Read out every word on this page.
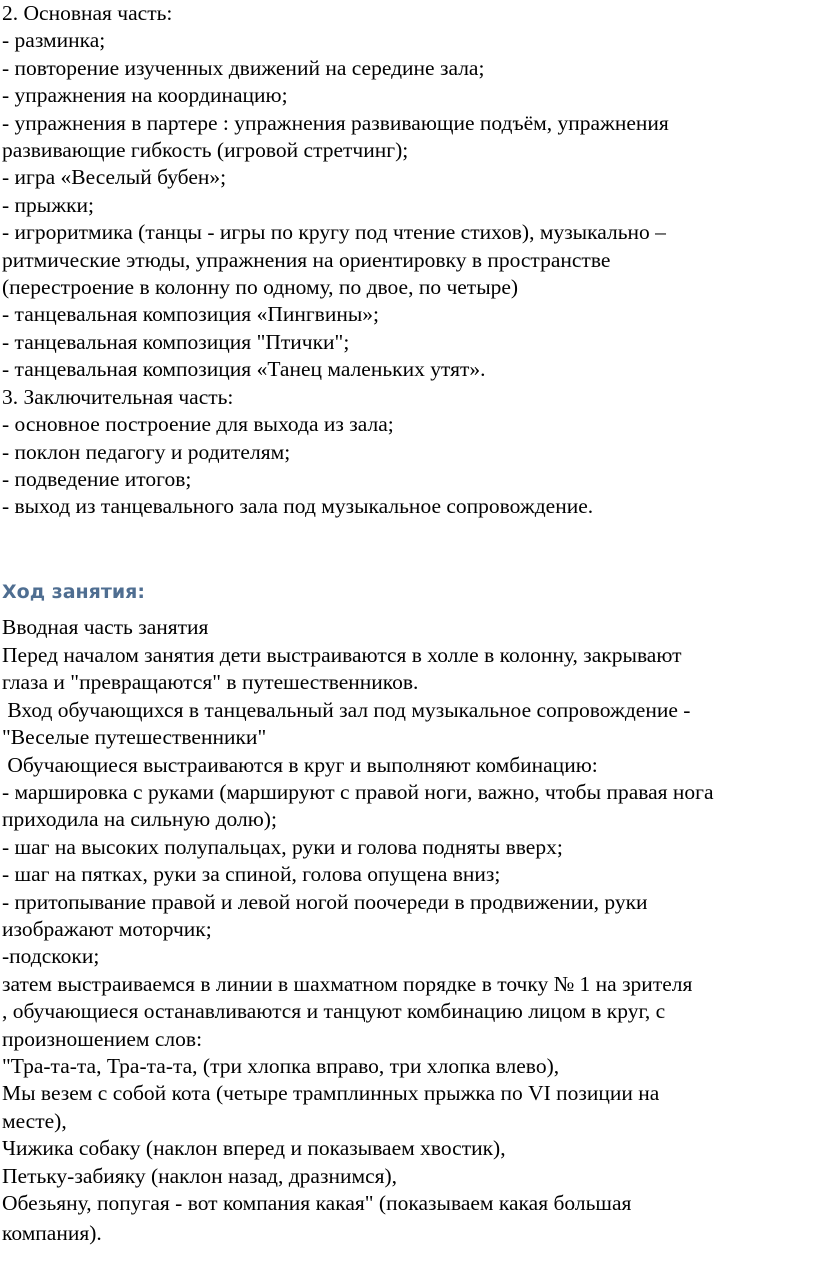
2. Основная часть:
- разминка;
- повторение изученных движений на середине зала;
- упражнения на координацию;
- упражнения в партере : упражнения развивающие подъём, упражнения
развивающие гибкость (игровой стретчинг);
- игра «Веселый бубен»;
- прыжки;
- игроритмика (танцы - игры по кругу под чтение стихов), музыкально –
ритмические этюды, упражнения на ориентировку в пространстве
(перестроение в колонну по одному, по двое, по четыре)
- танцевальная композиция «Пингвины»;
- танцевальная композиция "Птички";
- танцевальная композиция «Танец маленьких утят».
3. Заключительная часть:
- основное построение для выхода из зала;
- поклон педагогу и родителям;
- подведение итогов;
- выход из танцевального зала под музыкальное сопровождение.
Ход занятия:
Вводная часть занятия
Перед началом занятия дети выстраиваются в холле в колонну, закрывают
глаза и "превращаются" в путешественников.
Вход обучающихся в танцевальный зал под музыкальное сопровождение -
"Веселые путешественники"
Обучающиеся выстраиваются в круг и выполняют комбинацию:
- маршировка с руками (маршируют с правой ноги, важно, чтобы правая нога
приходила на сильную долю);
- шаг на высоких полупальцах, руки и голова подняты вверх;
- шаг на пятках, руки за спиной, голова опущена вниз;
- притопывание правой и левой ногой поочереди в продвижении, руки
изображают моторчик;
-подскоки;
затем выстраиваемся в линии в шахматном порядке в точку № 1 на зрителя
, обучающиеся останавливаются и танцуют комбинацию лицом в круг, с
произношением слов:
"Тра-та-та, Тра-та-та, (три хлопка вправо, три хлопка влево),
Мы везем с собой кота (четыре трамплинных прыжка по VI позиции на
месте),
Чижика собаку (наклон вперед и показываем хвостик),
Петьку-забияку (наклон назад, дразнимся),
Обезьяну, попугая - вот компания какая" (показываем какая большая
компания).
